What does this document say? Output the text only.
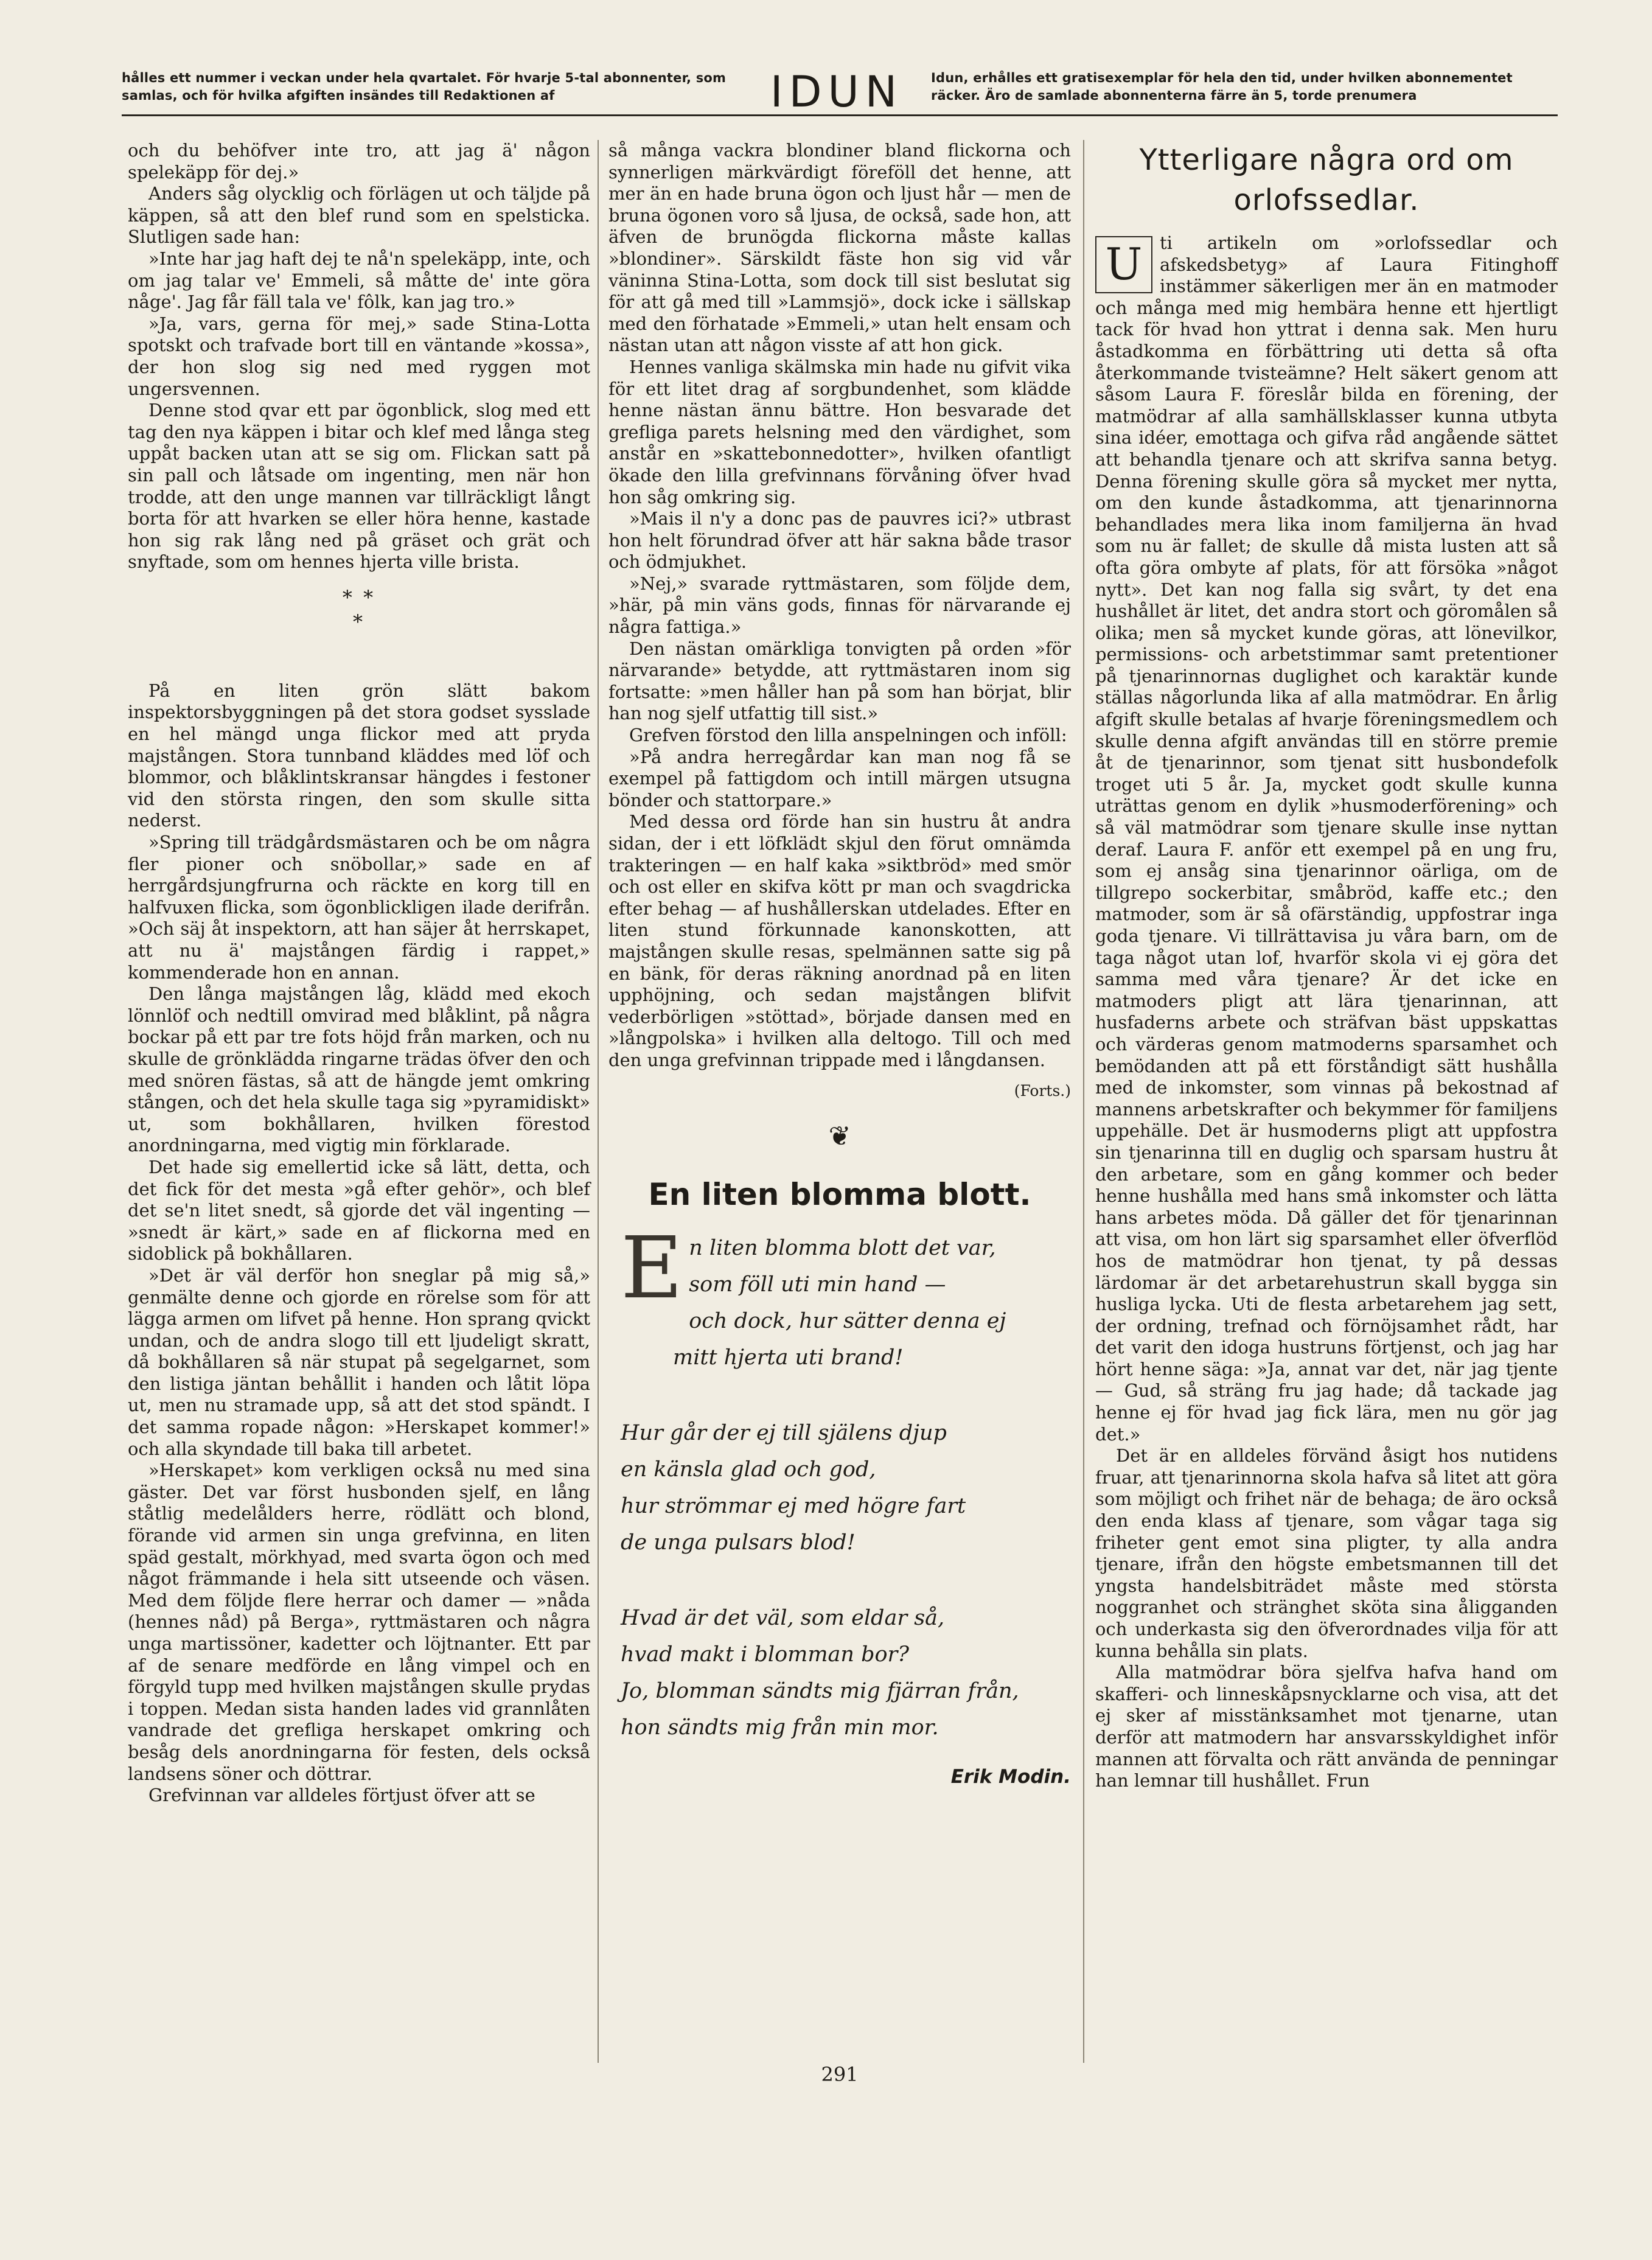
hålles ett nummer i veckan under hela qvartalet. För hvarje 5-tal abonnenter, som samlas, och för hvilka afgiften insändes till Redaktionen af	IDUN	Idun, erhålles ett gratisexemplar för hela den tid, under hvilken abonnementet räcker. Äro de samlade abonnenterna färre än 5, torde prenumera

och du behöfver inte tro, att jag ä' någon spelekäpp för dej.»

Anders såg olycklig och förlägen ut och täljde på käppen, så att den blef rund som en spelsticka. Slutligen sade han:

»Inte har jag haft dej te nå'n spelekäpp, inte, och om jag talar ve' Emmeli, så måtte de' inte göra någe'. Jag får fäll tala ve' fôlk, kan jag tro.»

»Ja, vars, gerna för mej,» sade Stina-Lotta spotskt och trafvade bort till en väntande »kossa», der hon slog sig ned med ryggen mot ungersvennen.

Denne stod qvar ett par ögonblick, slog med ett tag den nya käppen i bitar och klef med långa steg uppåt backen utan att se sig om. Flickan satt på sin pall och låtsade om ingenting, men när hon trodde, att den unge mannen var tillräckligt långt borta för att hvarken se eller höra henne, kastade hon sig rak lång ned på gräset och grät och snyftade, som om hennes hjerta ville brista.

* *
*

På en liten grön slätt bakom inspektorsbyggningen på det stora godset sysslade en hel mängd unga flickor med att pryda majstången. Stora tunnband kläddes med löf och blommor, och blåklintskransar hängdes i festoner vid den största ringen, den som skulle sitta nederst.

»Spring till trädgårdsmästaren och be om några fler pioner och snöbollar,» sade en af herrgårdsjungfrurna och räckte en korg till en halfvuxen flicka, som ögonblickligen ilade derifrån. »Och säj åt inspektorn, att han säjer åt herrskapet, att nu ä' majstången färdig i rappet,» kommenderade hon en annan.

Den långa majstången låg, klädd med ekoch lönnlöf och nedtill omvirad med blåklint, på några bockar på ett par tre fots höjd från marken, och nu skulle de grönklädda ringarne trädas öfver den och med snören fästas, så att de hängde jemt omkring stången, och det hela skulle taga sig »pyramidiskt» ut, som bokhållaren, hvilken förestod anordningarna, med vigtig min förklarade.

Det hade sig emellertid icke så lätt, detta, och det fick för det mesta »gå efter gehör», och blef det se'n litet snedt, så gjorde det väl ingenting — »snedt är kärt,» sade en af flickorna med en sidoblick på bokhållaren.

»Det är väl derför hon sneglar på mig så,» genmälte denne och gjorde en rörelse som för att lägga armen om lifvet på henne. Hon sprang qvickt undan, och de andra slogo till ett ljudeligt skratt, då bokhållaren så när stupat på segelgarnet, som den listiga jäntan behållit i handen och låtit löpa ut, men nu stramade upp, så att det stod spändt. I det samma ropade någon: »Herskapet kommer!» och alla skyndade till baka till arbetet.

»Herskapet» kom verkligen också nu med sina gäster. Det var först husbonden sjelf, en lång ståtlig medelålders herre, rödlätt och blond, förande vid armen sin unga grefvinna, en liten späd gestalt, mörkhyad, med svarta ögon och med något främmande i hela sitt utseende och väsen. Med dem följde flere herrar och damer — »nåda (hennes nåd) på Berga», ryttmästaren och några unga martissöner, kadetter och löjtnanter. Ett par af de senare medförde en lång vimpel och en förgyld tupp med hvilken majstången skulle prydas i toppen. Medan sista handen lades vid grannlåten vandrade det grefliga herskapet omkring och besåg dels anordningarna för festen, dels också landsens söner och döttrar.

Grefvinnan var alldeles förtjust öfver att se

så många vackra blondiner bland flickorna och synnerligen märkvärdigt föreföll det henne, att mer än en hade bruna ögon och ljust hår — men de bruna ögonen voro så ljusa, de också, sade hon, att äfven de brunögda flickorna måste kallas »blondiner». Särskildt fäste hon sig vid vår väninna Stina-Lotta, som dock till sist beslutat sig för att gå med till »Lammsjö», dock icke i sällskap med den förhatade »Emmeli,» utan helt ensam och nästan utan att någon visste af att hon gick.

Hennes vanliga skälmska min hade nu gifvit vika för ett litet drag af sorgbundenhet, som klädde henne nästan ännu bättre. Hon besvarade det grefliga parets helsning med den värdighet, som anstår en »skattebonnedotter», hvilken ofantligt ökade den lilla grefvinnans förvåning öfver hvad hon såg omkring sig.

»Mais il n'y a donc pas de pauvres ici?» utbrast hon helt förundrad öfver att här sakna både trasor och ödmjukhet.

»Nej,» svarade ryttmästaren, som följde dem, »här, på min väns gods, finnas för närvarande ej några fattiga.»

Den nästan omärkliga tonvigten på orden »för närvarande» betydde, att ryttmästaren inom sig fortsatte: »men håller han på som han börjat, blir han nog sjelf utfattig till sist.»

Grefven förstod den lilla anspelningen och inföll:

»På andra herregårdar kan man nog få se exempel på fattigdom och intill märgen utsugna bönder och stattorpare.»

Med dessa ord förde han sin hustru åt andra sidan, der i ett löfklädt skjul den förut omnämda trakteringen — en half kaka »siktbröd» med smör och ost eller en skifva kött pr man och svagdricka efter behag — af hushållerskan utdelades. Efter en liten stund förkunnade kanonskotten, att majstången skulle resas, spelmännen satte sig på en bänk, för deras räkning anordnad på en liten upphöjning, och sedan majstången blifvit vederbörligen »stöttad», började dansen med en »långpolska» i hvilken alla deltogo. Till och med den unga grefvinnan trippade med i långdansen.

(Forts.)
❦
En liten blomma blott.
E n liten blomma blott det var,
som föll uti min hand —
och dock, hur sätter denna ej
mitt hjerta uti brand!
Hur går der ej till själens djup
en känsla glad och god,
hur strömmar ej med högre fart
de unga pulsars blod!
Hvad är det väl, som eldar så,
hvad makt i blomman bor?
Jo, blomman sändts mig fjärran från,
hon sändts mig från min mor.
Erik Modin.
Ytterligare några ord om orlofssedlar.

U ti artikeln om »orlofssedlar och afskedsbetyg» af Laura Fitinghoff instämmer säkerligen mer än en matmoder och många med mig hembära henne ett hjertligt tack för hvad hon yttrat i denna sak. Men huru åstadkomma en förbättring uti detta så ofta återkommande tvisteämne? Helt säkert genom att såsom Laura F. föreslår bilda en förening, der matmödrar af alla samhällsklasser kunna utbyta sina idéer, emottaga och gifva råd angående sättet att behandla tjenare och att skrifva sanna betyg. Denna förening skulle göra så mycket mer nytta, om den kunde åstadkomma, att tjenarinnorna behandlades mera lika inom familjerna än hvad som nu är fallet; de skulle då mista lusten att så ofta göra ombyte af plats, för att försöka »något nytt». Det kan nog falla sig svårt, ty det ena hushållet är litet, det andra stort och göromålen så olika; men så mycket kunde göras, att lönevilkor, permissions- och arbetstimmar samt pretentioner på tjenarinnornas duglighet och karaktär kunde ställas någorlunda lika af alla matmödrar. En årlig afgift skulle betalas af hvarje föreningsmedlem och skulle denna afgift användas till en större premie åt de tjenarinnor, som tjenat sitt husbondefolk troget uti 5 år. Ja, mycket godt skulle kunna uträttas genom en dylik »husmoderförening» och så väl matmödrar som tjenare skulle inse nyttan deraf. Laura F. anför ett exempel på en ung fru, som ej ansåg sina tjenarinnor oärliga, om de tillgrepo sockerbitar, småbröd, kaffe etc.; den matmoder, som är så ofärständig, uppfostrar inga goda tjenare. Vi tillrättavisa ju våra barn, om de taga något utan lof, hvarför skola vi ej göra det samma med våra tjenare? Är det icke en matmoders pligt att lära tjenarinnan, att husfaderns arbete och sträfvan bäst uppskattas och värderas genom matmoderns sparsamhet och bemödanden att på ett förståndigt sätt hushålla med de inkomster, som vinnas på bekostnad af mannens arbetskrafter och bekymmer för familjens uppehälle. Det är husmoderns pligt att uppfostra sin tjenarinna till en duglig och sparsam hustru åt den arbetare, som en gång kommer och beder henne hushålla med hans små inkomster och lätta hans arbetes möda. Då gäller det för tjenarinnan att visa, om hon lärt sig sparsamhet eller öfverflöd hos de matmödrar hon tjenat, ty på dessas lärdomar är det arbetarehustrun skall bygga sin husliga lycka. Uti de flesta arbetarehem jag sett, der ordning, trefnad och förnöjsamhet rådt, har det varit den idoga hustruns förtjenst, och jag har hört henne säga: »Ja, annat var det, när jag tjente — Gud, så sträng fru jag hade; då tackade jag henne ej för hvad jag fick lära, men nu gör jag det.»

Det är en alldeles förvänd åsigt hos nutidens fruar, att tjenarinnorna skola hafva så litet att göra som möjligt och frihet när de behaga; de äro också den enda klass af tjenare, som vågar taga sig friheter gent emot sina pligter, ty alla andra tjenare, ifrån den högste embetsmannen till det yngsta handelsbiträdet måste med största noggranhet och stränghet sköta sina åligganden och underkasta sig den öfverordnades vilja för att kunna behålla sin plats.

Alla matmödrar böra sjelfva hafva hand om skafferi- och linneskåpsnycklarne och visa, att det ej sker af misstänksamhet mot tjenarne, utan derför att matmodern har ansvarsskyldighet inför mannen att förvalta och rätt använda de penningar han lemnar till hushållet. Frun

291
